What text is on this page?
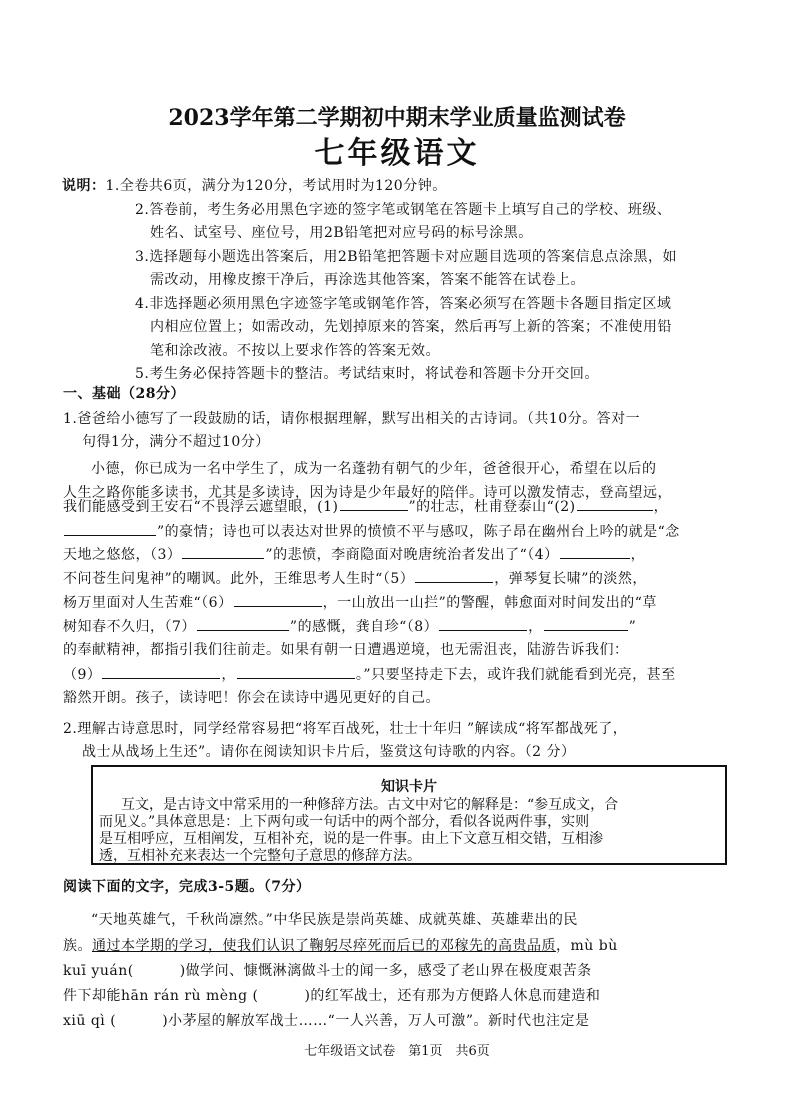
2023学年第二学期初中期末学业质量监测试卷
七年级语文
说明：1.全卷共6页，满分为120分，考试用时为120分钟。
2.答卷前，考生务必用黑色字迹的签字笔或钢笔在答题卡上填写自己的学校、班级、
姓名、试室号、座位号，用2B铅笔把对应号码的标号涂黑。
3.选择题每小题选出答案后，用2B铅笔把答题卡对应题目选项的答案信息点涂黑，如
需改动，用橡皮擦干净后，再涂选其他答案，答案不能答在试卷上。
4.非选择题必须用黑色字迹签字笔或钢笔作答，答案必须写在答题卡各题目指定区域
内相应位置上；如需改动，先划掉原来的答案，然后再写上新的答案；不准使用铅
笔和涂改液。不按以上要求作答的答案无效。
5.考生务必保持答题卡的整洁。考试结束时，将试卷和答题卡分开交回。
一、基础（28分）
1.爸爸给小德写了一段鼓励的话，请你根据理解，默写出相关的古诗词。（共10分。答对一
句得1分，满分不超过10分）
小德，你已成为一名中学生了，成为一名蓬勃有朝气的少年，爸爸很开心，希望在以后的
人生之路你能多读书，尤其是多读诗，因为诗是少年最好的陪伴。诗可以激发情志，登高望远，
我们能感受到王安石“不畏浮云遮望眼，(1)	”的壮志，杜甫登泰山“(2)	，
”的豪情；诗也可以表达对世界的愤愤不平与感叹，陈子昂在幽州台上吟的就是“念
天地之悠悠，（3）	”的悲愤，李商隐面对晚唐统治者发出了“（4）	，
不问苍生问鬼神”的嘲讽。此外，王维思考人生时“（5）	，弹琴复长啸”的淡然，
杨万里面对人生苦难“（6）	，一山放出一山拦”的警醒，韩愈面对时间发出的“草
树知春不久归，（7）	”的感慨，龚自珍“（8）	，	”
的奉献精神，都指引我们往前走。如果有朝一日遭遇逆境，也无需沮丧，陆游告诉我们：
（9）	，	。”只要坚持走下去，或许我们就能看到光亮，甚至
豁然开朗。孩子，读诗吧！你会在读诗中遇见更好的自己。
2.理解古诗意思时，同学经常容易把“将军百战死，壮士十年归 ”解读成“将军都战死了，
战士从战场上生还”。请你在阅读知识卡片后，鉴赏这句诗歌的内容。（2 分）
知识卡片
互文，是古诗文中常采用的一种修辞方法。古文中对它的解释是：“参互成文，合
而见义。”具体意思是：上下两句或一句话中的两个部分，看似各说两件事，实则
是互相呼应，互相阐发，互相补充，说的是一件事。由上下文意互相交错，互相渗
透，互相补充来表达一个完整句子意思的修辞方法。
阅读下面的文字，完成3-5题。（7分）
“天地英雄气，千秋尚凛然。”中华民族是崇尚英雄、成就英雄、英雄辈出的民
族。通过本学期的学习，使我们认识了鞠躬尽瘁死而后已的邓稼先的高贵品质，mù bù
kuī yuán(	)做学问、慷慨淋漓做斗士的闻一多，感受了老山界在极度艰苦条
件下却能hān rán rù mèng (	)的红军战士，还有那为方便路人休息而建造和
xiū qì (	)小茅屋的解放军战士……“一人兴善，万人可激”。新时代也注定是
七年级语文试卷　第1页　共6页
